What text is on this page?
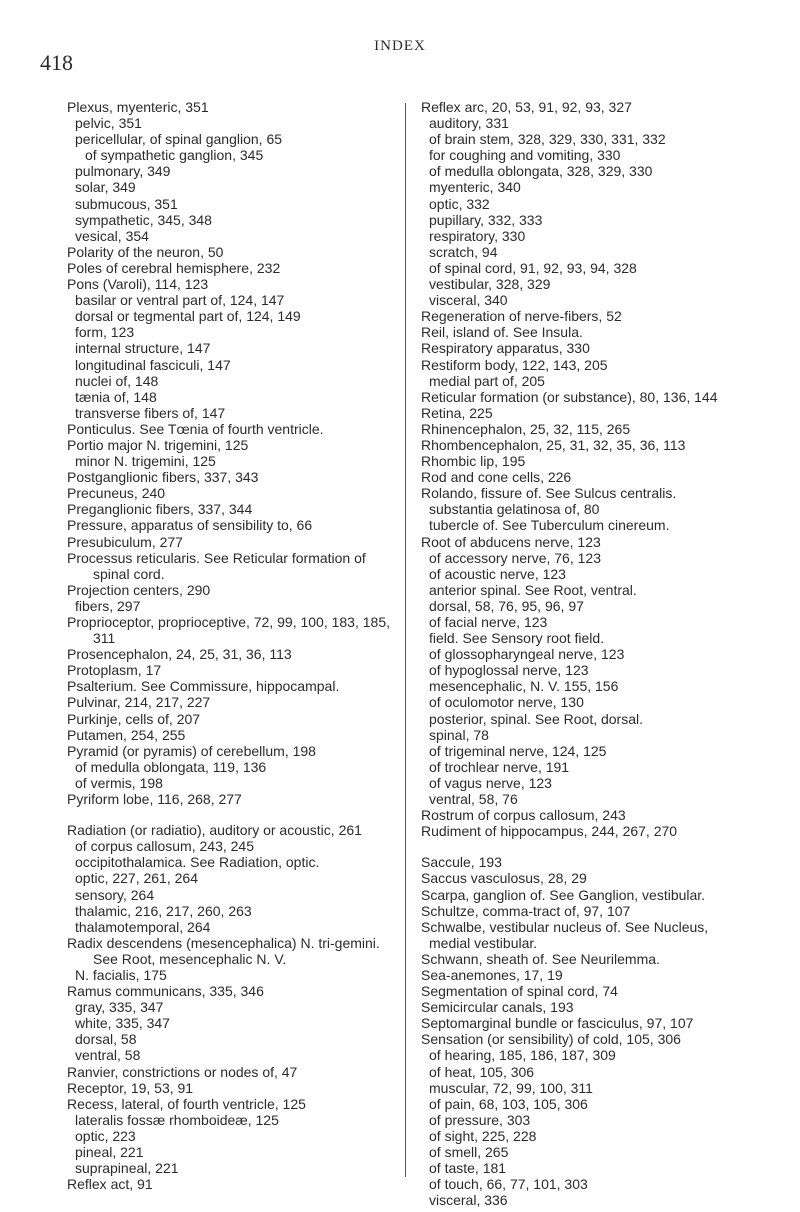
418
INDEX
Plexus, myenteric, 351
pelvic, 351
pericellular, of spinal ganglion, 65
of sympathetic ganglion, 345
pulmonary, 349
solar, 349
submucous, 351
sympathetic, 345, 348
vesical, 354
Polarity of the neuron, 50
Poles of cerebral hemisphere, 232
Pons (Varoli), 114, 123
basilar or ventral part of, 124, 147
dorsal or tegmental part of, 124, 149
form, 123
internal structure, 147
longitudinal fasciculi, 147
nuclei of, 148
tænia of, 148
transverse fibers of, 147
Ponticulus. See Tœnia of fourth ventricle.
Portio major N. trigemini, 125
minor N. trigemini, 125
Postganglionic fibers, 337, 343
Precuneus, 240
Preganglionic fibers, 337, 344
Pressure, apparatus of sensibility to, 66
Presubiculum, 277
Processus reticularis. See Reticular formation of spinal cord.
Projection centers, 290
fibers, 297
Proprioceptor, proprioceptive, 72, 99, 100, 183, 185, 311
Prosencephalon, 24, 25, 31, 36, 113
Protoplasm, 17
Psalterium. See Commissure, hippocampal.
Pulvinar, 214, 217, 227
Purkinje, cells of, 207
Putamen, 254, 255
Pyramid (or pyramis) of cerebellum, 198
of medulla oblongata, 119, 136
of vermis, 198
Pyriform lobe, 116, 268, 277
Radiation (or radiatio), auditory or acoustic, 261
of corpus callosum, 243, 245
occipitothalamica. See Radiation, optic.
optic, 227, 261, 264
sensory, 264
thalamic, 216, 217, 260, 263
thalamotemporal, 264
Radix descendens (mesencephalica) N. tri-gemini. See Root, mesencephalic N. V.
N. facialis, 175
Ramus communicans, 335, 346
gray, 335, 347
white, 335, 347
dorsal, 58
ventral, 58
Ranvier, constrictions or nodes of, 47
Receptor, 19, 53, 91
Recess, lateral, of fourth ventricle, 125
lateralis fossæ rhomboideæ, 125
optic, 223
pineal, 221
suprapineal, 221
Reflex act, 91
Reflex arc, 20, 53, 91, 92, 93, 327
auditory, 331
of brain stem, 328, 329, 330, 331, 332
for coughing and vomiting, 330
of medulla oblongata, 328, 329, 330
myenteric, 340
optic, 332
pupillary, 332, 333
respiratory, 330
scratch, 94
of spinal cord, 91, 92, 93, 94, 328
vestibular, 328, 329
visceral, 340
Regeneration of nerve-fibers, 52
Reil, island of. See Insula.
Respiratory apparatus, 330
Restiform body, 122, 143, 205
medial part of, 205
Reticular formation (or substance), 80, 136, 144
Retina, 225
Rhinencephalon, 25, 32, 115, 265
Rhombencephalon, 25, 31, 32, 35, 36, 113
Rhombic lip, 195
Rod and cone cells, 226
Rolando, fissure of. See Sulcus centralis.
substantia gelatinosa of, 80
tubercle of. See Tuberculum cinereum.
Root of abducens nerve, 123
of accessory nerve, 76, 123
of acoustic nerve, 123
anterior spinal. See Root, ventral.
dorsal, 58, 76, 95, 96, 97
of facial nerve, 123
field. See Sensory root field.
of glossopharyngeal nerve, 123
of hypoglossal nerve, 123
mesencephalic, N. V. 155, 156
of oculomotor nerve, 130
posterior, spinal. See Root, dorsal.
spinal, 78
of trigeminal nerve, 124, 125
of trochlear nerve, 191
of vagus nerve, 123
ventral, 58, 76
Rostrum of corpus callosum, 243
Rudiment of hippocampus, 244, 267, 270
Saccule, 193
Saccus vasculosus, 28, 29
Scarpa, ganglion of. See Ganglion, vestibular.
Schultze, comma-tract of, 97, 107
Schwalbe, vestibular nucleus of. See Nucleus,
medial vestibular.
Schwann, sheath of. See Neurilemma.
Sea-anemones, 17, 19
Segmentation of spinal cord, 74
Semicircular canals, 193
Septomarginal bundle or fasciculus, 97, 107
Sensation (or sensibility) of cold, 105, 306
of hearing, 185, 186, 187, 309
of heat, 105, 306
muscular, 72, 99, 100, 311
of pain, 68, 103, 105, 306
of pressure, 303
of sight, 225, 228
of smell, 265
of taste, 181
of touch, 66, 77, 101, 303
visceral, 336
